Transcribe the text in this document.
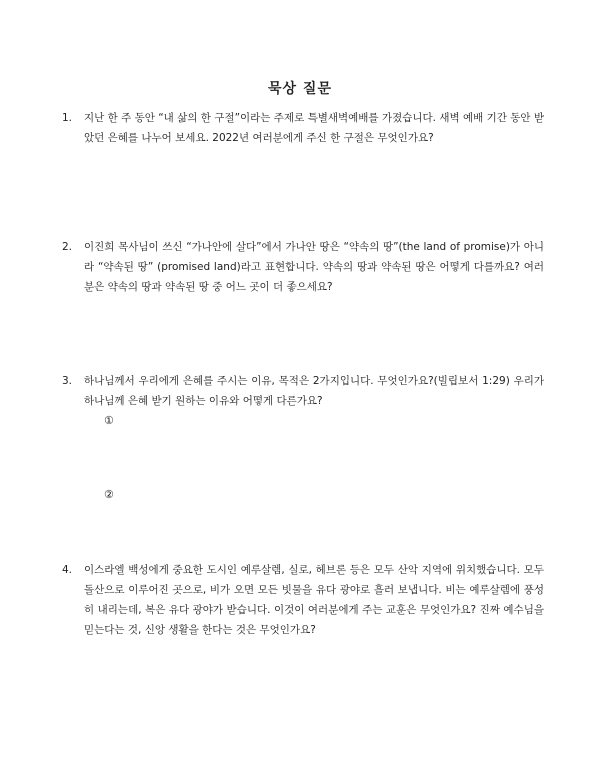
묵상 질문
1. 지난 한 주 동안 “내 삶의 한 구절”이라는 주제로 특별새벽예배를 가졌습니다. 새벽 예배 기간 동안 받았던 은혜를 나누어 보세요. 2022년 여러분에게 주신 한 구절은 무엇인가요?
2. 이진희 목사님이 쓰신 “가나안에 살다”에서 가나안 땅은 “약속의 땅”(the land of promise)가 아니라 “약속된 땅” (promised land)라고 표현합니다. 약속의 땅과 약속된 땅은 어떻게 다를까요? 여러분은 약속의 땅과 약속된 땅 중 어느 곳이 더 좋으세요?
3. 하나님께서 우리에게 은혜를 주시는 이유, 목적은 2가지입니다. 무엇인가요?(빌립보서 1:29) 우리가 하나님께 은혜 받기 원하는 이유와 어떻게 다른가요?
①
②
4. 이스라엘 백성에게 중요한 도시인 예루살렘, 실로, 헤브론 등은 모두 산악 지역에 위치했습니다. 모두 돌산으로 이루어진 곳으로, 비가 오면 모든 빗물을 유다 광야로 흘러 보냅니다. 비는 예루살렘에 풍성히 내리는데, 복은 유다 광야가 받습니다. 이것이 여러분에게 주는 교훈은 무엇인가요? 진짜 예수님을 믿는다는 것, 신앙 생활을 한다는 것은 무엇인가요?
